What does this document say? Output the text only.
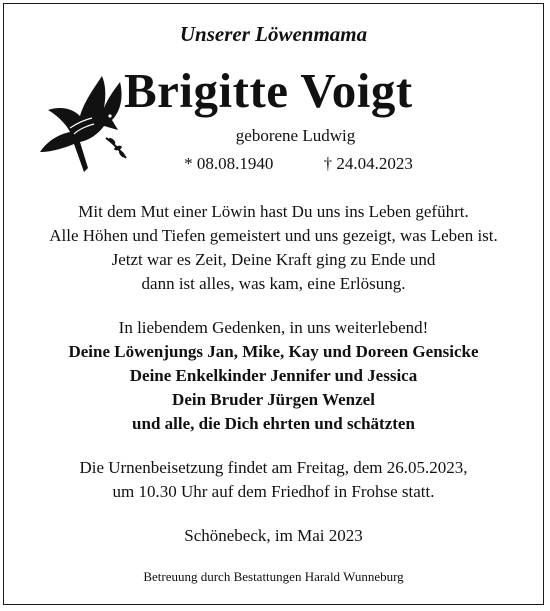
Unserer Löwenmama
Brigitte Voigt
geborene Ludwig
* 08.08.1940	† 24.04.2023
Mit dem Mut einer Löwin hast Du uns ins Leben geführt.
Alle Höhen und Tiefen gemeistert und uns gezeigt, was Leben ist.
Jetzt war es Zeit, Deine Kraft ging zu Ende und
dann ist alles, was kam, eine Erlösung.
In liebendem Gedenken, in uns weiterlebend!
Deine Löwenjungs Jan, Mike, Kay und Doreen Gensicke
Deine Enkelkinder Jennifer und Jessica
Dein Bruder Jürgen Wenzel
und alle, die Dich ehrten und schätzten
Die Urnenbeisetzung findet am Freitag, dem 26.05.2023,
um 10.30 Uhr auf dem Friedhof in Frohse statt.
Schönebeck, im Mai 2023
Betreuung durch Bestattungen Harald Wunneburg
